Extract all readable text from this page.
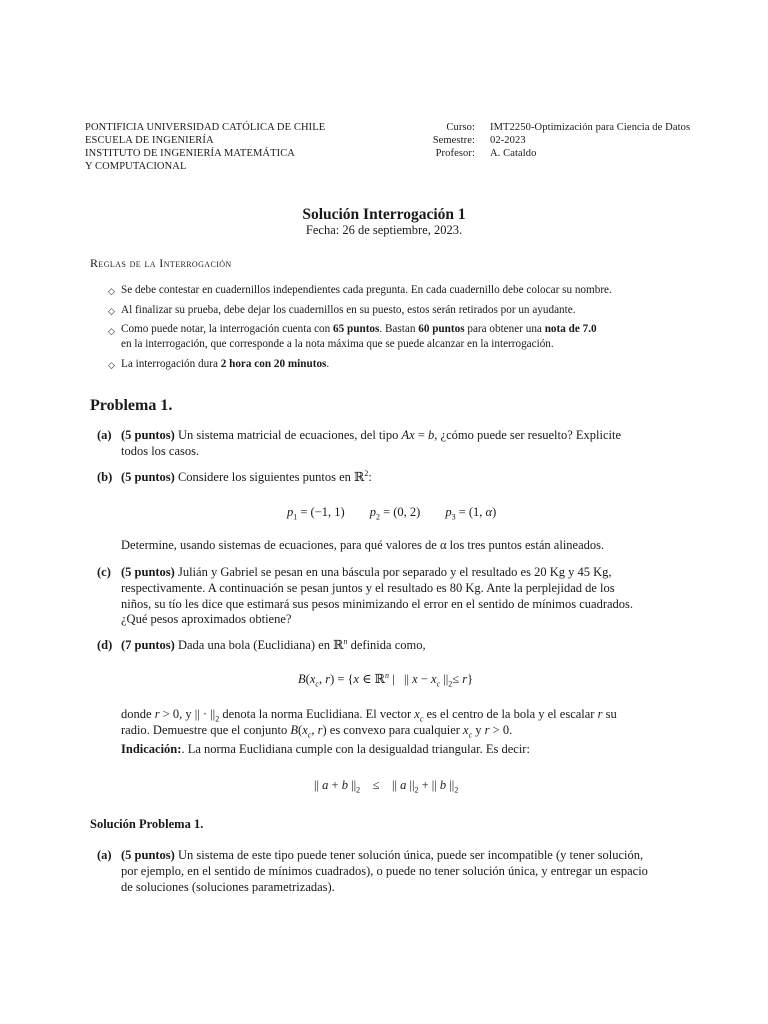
PONTIFICIA UNIVERSIDAD CATÓLICA DE CHILE
ESCUELA DE INGENIERÍA
INSTITUTO DE INGENIERÍA MATEMÁTICA
Y COMPUTACIONAL
Curso:
Semestre:
Profesor:
IMT2250-Optimización para Ciencia de Datos
02-2023
A. Cataldo
Solución Interrogación 1
Fecha: 26 de septiembre, 2023.
Reglas de la Interrogación
◇ Se debe contestar en cuadernillos independientes cada pregunta. En cada cuadernillo debe colocar su nombre.
◇ Al finalizar su prueba, debe dejar los cuadernillos en su puesto, estos serán retirados por un ayudante.
◇ Como puede notar, la interrogación cuenta con 65 puntos. Bastan 60 puntos para obtener una nota de 7.0
en la interrogación, que corresponde a la nota máxima que se puede alcanzar en la interrogación.
◇ La interrogación dura 2 hora con 20 minutos.
Problema 1.
(a) (5 puntos) Un sistema matricial de ecuaciones, del tipo Ax = b, ¿cómo puede ser resuelto? Explicite
todos los casos.
(b) (5 puntos) Considere los siguientes puntos en ℝ$^2$:
$p_1 = (-1$, 1)        $p_2 = (0$, 2)        $p_3 = (1$, α)
Determine, usando sistemas de ecuaciones, para qué valores de α los tres puntos están alineados.
(c) (5 puntos) Julián y Gabriel se pesan en una báscula por separado y el resultado es 20 Kg y 45 Kg,
respectivamente. A continuación se pesan juntos y el resultado es 80 Kg. Ante la perplejidad de los
niños, su tío les dice que estimará sus pesos minimizando el error en el sentido de mínimos cuadrados.
¿Qué pesos aproximados obtiene?
(d) (7 puntos) Dada una bola (Euclidiana) en ℝ$^n$ definida como,
$B(x_c$, r) = {x ∈ ℝ$^n$ |   || $x - x_c$ $||_2\le r$}
donde r > 0, y || · $||_2$ denota la norma Euclidiana. El vector $x_c$ es el centro de la bola y el escalar r su
radio. Demuestre que el conjunto $B(x_c$, r) es convexo para cualquier $x_c$ y r > 0.
Indicación:. La norma Euclidiana cumple con la desigualdad triangular. Es decir:
|| a + b $||_2$    ≤    || a $||_2$ + || b $||_2$
Solución Problema 1.
(a) (5 puntos) Un sistema de este tipo puede tener solución única, puede ser incompatible (y tener solución,
por ejemplo, en el sentido de mínimos cuadrados), o puede no tener solución única, y entregar un espacio
de soluciones (soluciones parametrizadas).
